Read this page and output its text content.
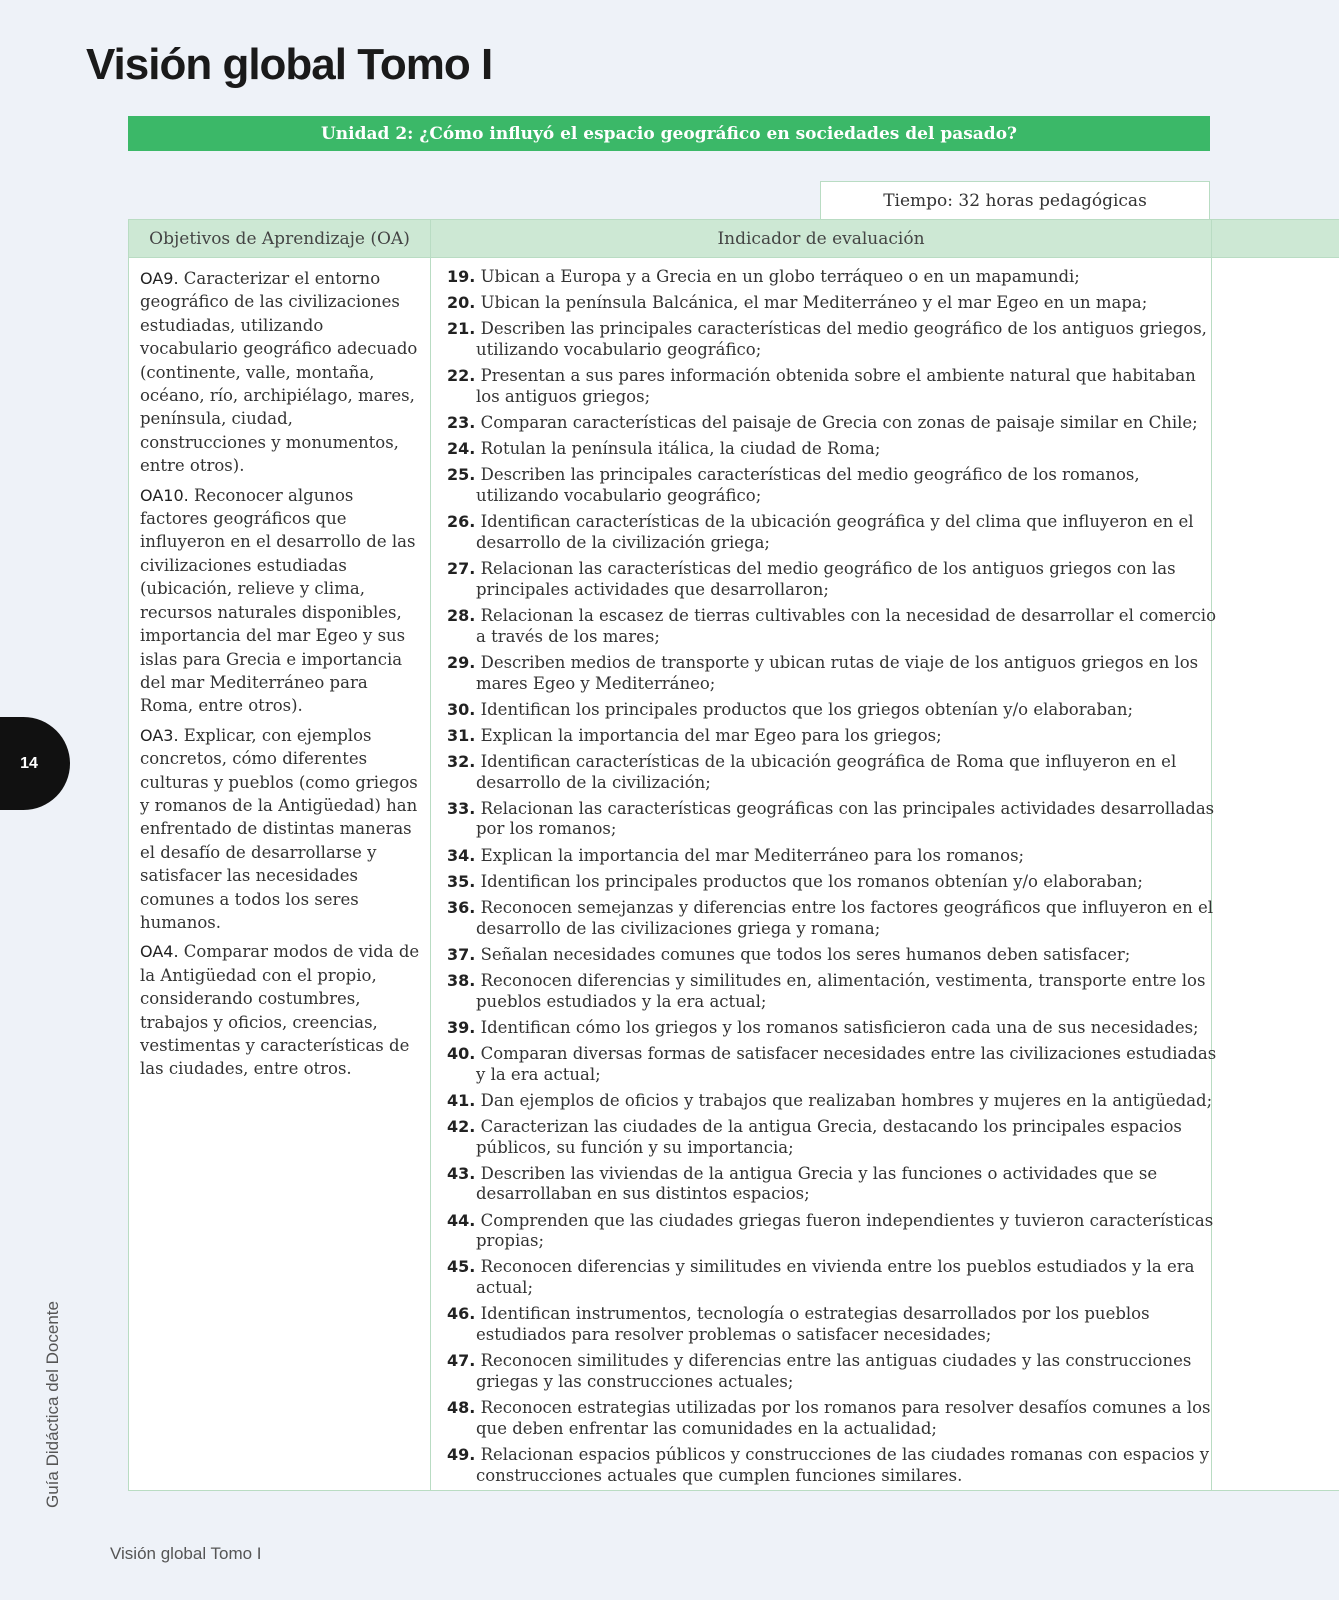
Visión global Tomo I
Unidad 2: ¿Cómo influyó el espacio geográfico en sociedades del pasado?
Tiempo: 32 horas pedagógicas
Objetivos de Aprendizaje (OA)	Indicador de evaluación
OA9. Caracterizar el entorno geográfico de las civilizaciones estudiadas, utilizando vocabulario geográfico adecuado (continente, valle, montaña, océano, río, archipiélago, mares, península, ciudad, construcciones y monumentos, entre otros).
OA10. Reconocer algunos factores geográficos que influyeron en el desarrollo de las civilizaciones estudiadas (ubicación, relieve y clima, recursos naturales disponibles, importancia del mar Egeo y sus islas para Grecia e importancia del mar Mediterráneo para Roma, entre otros).
OA3. Explicar, con ejemplos concretos, cómo diferentes culturas y pueblos (como griegos y romanos de la Antigüedad) han enfrentado de distintas maneras el desafío de desarrollarse y satisfacer las necesidades comunes a todos los seres humanos.
OA4. Comparar modos de vida de la Antigüedad con el propio, considerando costumbres, trabajos y oficios, creencias, vestimentas y características de las ciudades, entre otros.
19. Ubican a Europa y a Grecia en un globo terráqueo o en un mapamundi;
20. Ubican la península Balcánica, el mar Mediterráneo y el mar Egeo en un mapa;
21. Describen las principales características del medio geográfico de los antiguos griegos, utilizando vocabulario geográfico;
22. Presentan a sus pares información obtenida sobre el ambiente natural que habitaban los antiguos griegos;
23. Comparan características del paisaje de Grecia con zonas de paisaje similar en Chile;
24. Rotulan la península itálica, la ciudad de Roma;
25. Describen las principales características del medio geográfico de los romanos, utilizando vocabulario geográfico;
26. Identifican características de la ubicación geográfica y del clima que influyeron en el desarrollo de la civilización griega;
27. Relacionan las características del medio geográfico de los antiguos griegos con las principales actividades que desarrollaron;
28. Relacionan la escasez de tierras cultivables con la necesidad de desarrollar el comercio a través de los mares;
29. Describen medios de transporte y ubican rutas de viaje de los antiguos griegos en los mares Egeo y Mediterráneo;
30. Identifican los principales productos que los griegos obtenían y/o elaboraban;
31. Explican la importancia del mar Egeo para los griegos;
32. Identifican características de la ubicación geográfica de Roma que influyeron en el desarrollo de la civilización;
33. Relacionan las características geográficas con las principales actividades desarrolladas por los romanos;
34. Explican la importancia del mar Mediterráneo para los romanos;
35. Identifican los principales productos que los romanos obtenían y/o elaboraban;
36. Reconocen semejanzas y diferencias entre los factores geográficos que influyeron en el desarrollo de las civilizaciones griega y romana;
37. Señalan necesidades comunes que todos los seres humanos deben satisfacer;
38. Reconocen diferencias y similitudes en, alimentación, vestimenta, transporte entre los pueblos estudiados y la era actual;
39. Identifican cómo los griegos y los romanos satisficieron cada una de sus necesidades;
40. Comparan diversas formas de satisfacer necesidades entre las civilizaciones estudiadas y la era actual;
41. Dan ejemplos de oficios y trabajos que realizaban hombres y mujeres en la antigüedad;
42. Caracterizan las ciudades de la antigua Grecia, destacando los principales espacios públicos, su función y su importancia;
43. Describen las viviendas de la antigua Grecia y las funciones o actividades que se desarrollaban en sus distintos espacios;
44. Comprenden que las ciudades griegas fueron independientes y tuvieron características propias;
45. Reconocen diferencias y similitudes en vivienda entre los pueblos estudiados y la era actual;
46. Identifican instrumentos, tecnología o estrategias desarrollados por los pueblos estudiados para resolver problemas o satisfacer necesidades;
47. Reconocen similitudes y diferencias entre las antiguas ciudades y las construcciones griegas y las construcciones actuales;
48. Reconocen estrategias utilizadas por los romanos para resolver desafíos comunes a los que deben enfrentar las comunidades en la actualidad;
49. Relacionan espacios públicos y construcciones de las ciudades romanas con espacios y construcciones actuales que cumplen funciones similares.
14
Guía Didáctica del Docente
Visión global Tomo I
